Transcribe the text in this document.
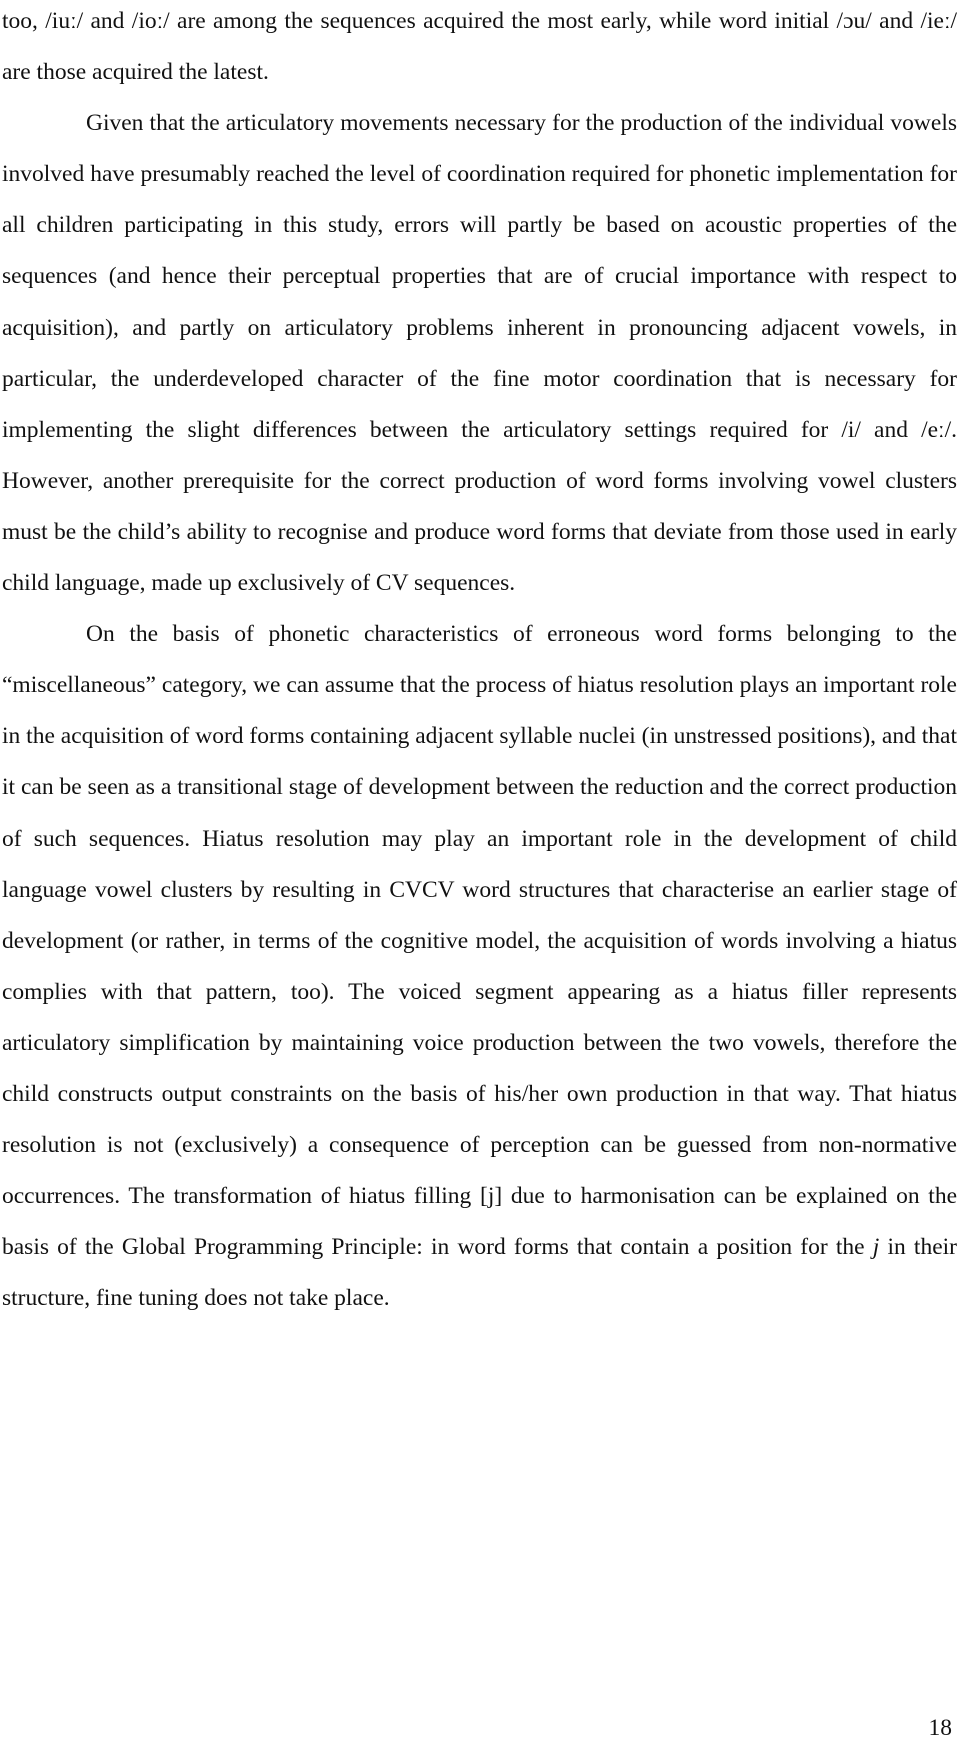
too, /iuː/ and /ioː/ are among the sequences acquired the most early, while word initial /ɔu/ and /ieː/ are those acquired the latest.

Given that the articulatory movements necessary for the production of the individual vowels involved have presumably reached the level of coordination required for phonetic implementation for all children participating in this study, errors will partly be based on acoustic properties of the sequences (and hence their perceptual properties that are of crucial importance with respect to acquisition), and partly on articulatory problems inherent in pronouncing adjacent vowels, in particular, the underdeveloped character of the fine motor coordination that is necessary for implementing the slight differences between the articulatory settings required for /i/ and /eː/. However, another prerequisite for the correct production of word forms involving vowel clusters must be the child’s ability to recognise and produce word forms that deviate from those used in early child language, made up exclusively of CV sequences.

On the basis of phonetic characteristics of erroneous word forms belonging to the “miscellaneous” category, we can assume that the process of hiatus resolution plays an important role in the acquisition of word forms containing adjacent syllable nuclei (in unstressed positions), and that it can be seen as a transitional stage of development between the reduction and the correct production of such sequences. Hiatus resolution may play an important role in the development of child language vowel clusters by resulting in CVCV word structures that characterise an earlier stage of development (or rather, in terms of the cognitive model, the acquisition of words involving a hiatus complies with that pattern, too). The voiced segment appearing as a hiatus filler represents articulatory simplification by maintaining voice production between the two vowels, therefore the child constructs output constraints on the basis of his/her own production in that way. That hiatus resolution is not (exclusively) a consequence of perception can be guessed from non-normative occurrences. The transformation of hiatus filling [j] due to harmonisation can be explained on the basis of the Global Programming Principle: in word forms that contain a position for the j in their structure, fine tuning does not take place.

18
